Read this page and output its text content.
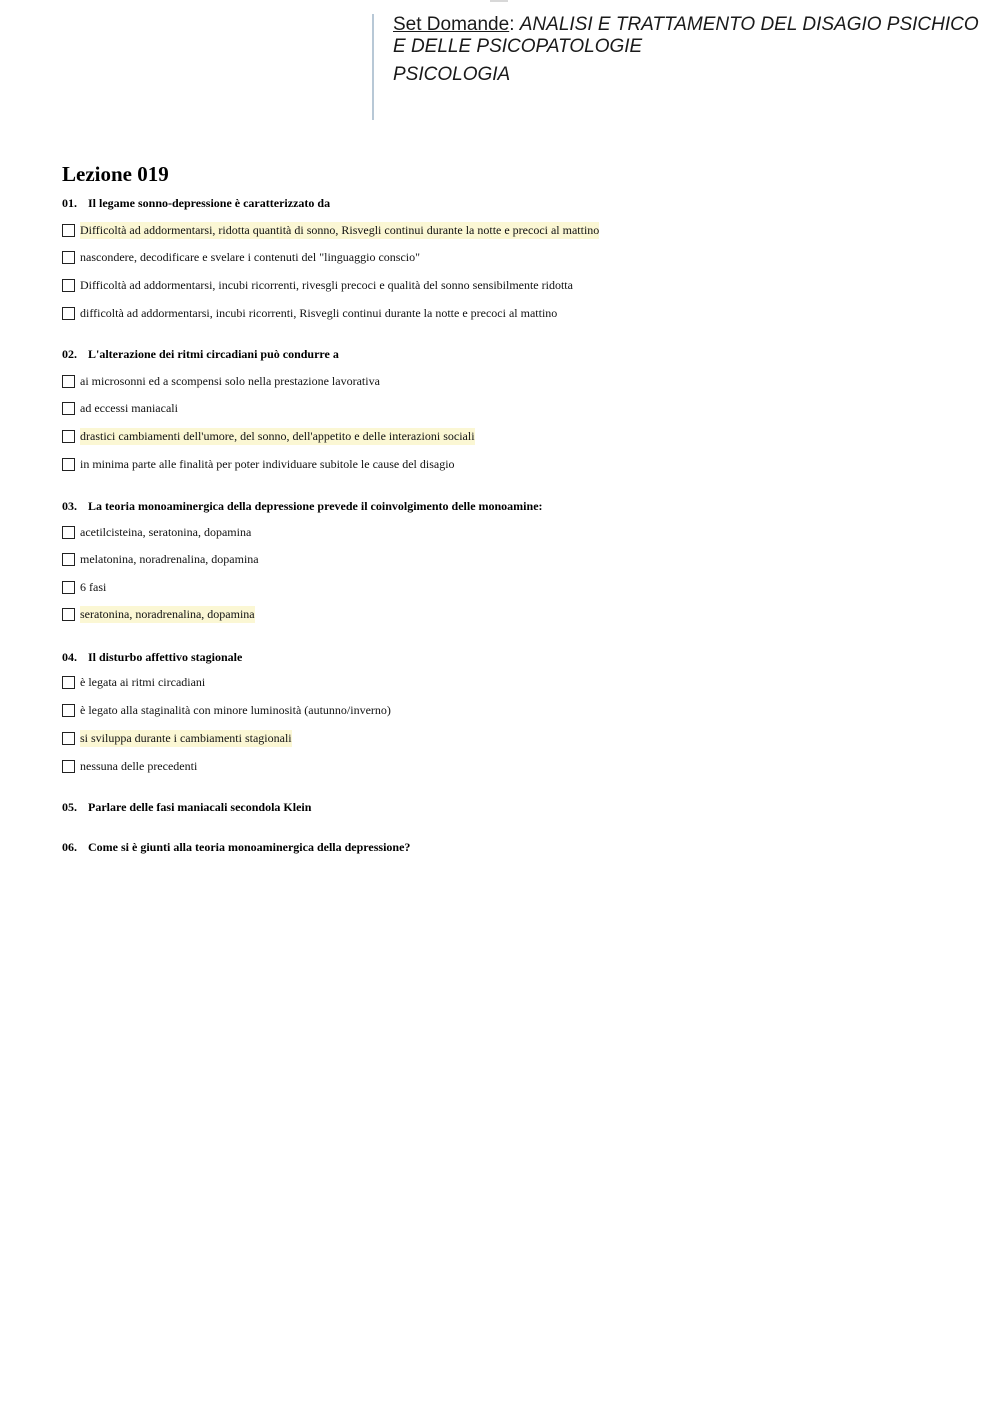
Set Domande: ANALISI E TRATTAMENTO DEL DISAGIO PSICHICO E DELLE PSICOPATOLOGIE
PSICOLOGIA
Lezione 019
01. Il legame sonno-depressione è caratterizzato da
Difficoltà ad addormentarsi, ridotta quantità di sonno, Risvegli continui durante la notte e precoci al mattino
nascondere, decodificare e svelare i contenuti del "linguaggio conscio"
Difficoltà ad addormentarsi, incubi ricorrenti, rivesgli precoci e qualità del sonno sensibilmente ridotta
difficoltà ad addormentarsi, incubi ricorrenti, Risvegli continui durante la notte e precoci al mattino
02. L'alterazione dei ritmi circadiani può condurre a
ai microsonni ed a scompensi solo nella prestazione lavorativa
ad eccessi maniacali
drastici cambiamenti dell'umore, del sonno, dell'appetito e delle interazioni sociali
in minima parte alle finalità per poter individuare subitole le cause del disagio
03. La teoria monoaminergica della depressione prevede il coinvolgimento delle monoamine:
acetilcisteina, seratonina, dopamina
melatonina, noradrenalina, dopamina
6 fasi
seratonina, noradrenalina, dopamina
04. Il disturbo affettivo stagionale
è legata ai ritmi circadiani
è legato alla staginalità con minore luminosità (autunno/inverno)
si sviluppa durante i cambiamenti stagionali
nessuna delle precedenti
05. Parlare delle fasi maniacali secondola Klein
06. Come si è giunti alla teoria monoaminergica della depressione?
